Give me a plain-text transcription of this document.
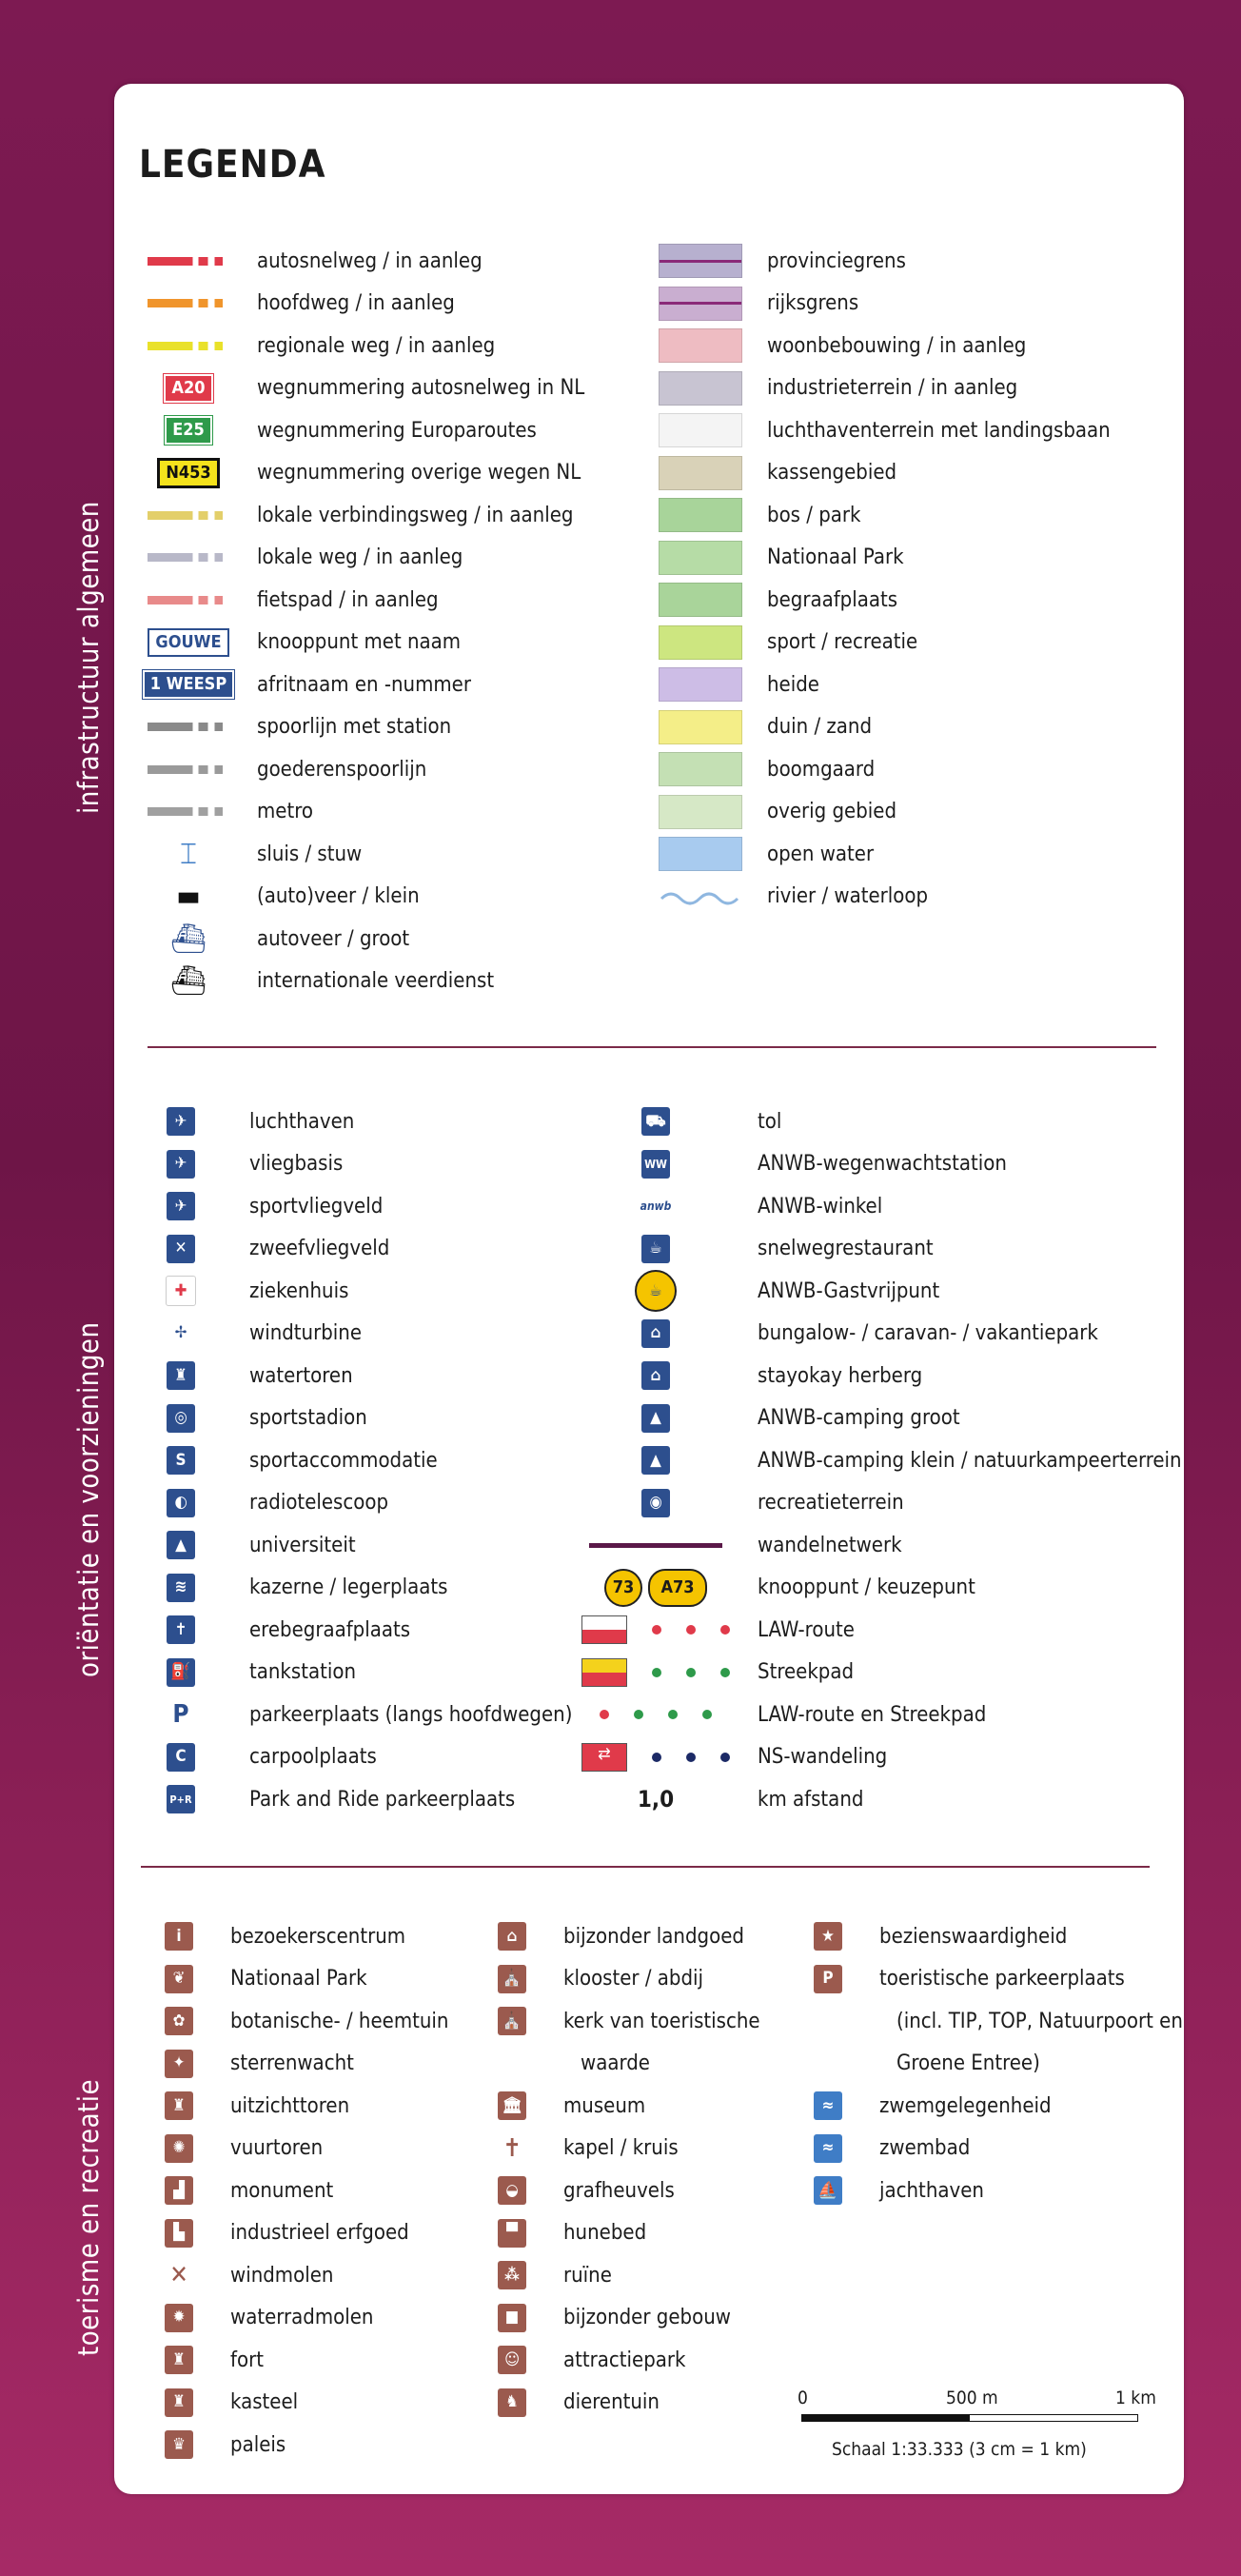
LEGENDA
infrastructuur algemeen
oriëntatie en voorzieningen
toerisme en recreatie
autosnelweg / in aanleg
hoofdweg / in aanleg
regionale weg / in aanleg
A20	wegnummering autosnelweg in NL
E25	wegnummering Europaroutes
N453	wegnummering overige wegen NL
lokale verbindingsweg / in aanleg
lokale weg / in aanleg
fietspad / in aanleg
GOUWE	knooppunt met naam
1 WEESP	afritnaam en -nummer
spoorlijn met station
goederenspoorlijn
metro
⌶	sluis / stuw
▬	(auto)veer / klein
⛴ autoveer / groot
⛴ internationale veerdienst
provinciegrens
rijksgrens
woonbebouwing / in aanleg
industrieterrein / in aanleg
luchthaventerrein met landingsbaan
kassengebied
bos / park
Nationaal Park
begraafplaats
sport / recreatie
heide
duin / zand
boomgaard
overig gebied
open water
rivier / waterloop
✈	luchthaven
✈	vliegbasis
✈	sportvliegveld
✕	zweefvliegveld
✚	ziekenhuis
✢	windturbine
♜	watertoren
◎	sportstadion
S	sportaccommodatie
◐	radiotelescoop
▲	universiteit
≋	kazerne / legerplaats
✝	erebegraafplaats
⛽	tankstation
P	parkeerplaats (langs hoofdwegen)
C	carpoolplaats
P+R	Park and Ride parkeerplaats
⛟	tol
WW	ANWB-wegenwachtstation
anwb	ANWB-winkel
☕	snelwegrestaurant
☕	ANWB-Gastvrijpunt
⌂	bungalow- / caravan- / vakantiepark
⌂	stayokay herberg
▲	ANWB-camping groot
▲	ANWB-camping klein / natuurkampeerterrein
◉	recreatieterrein
wandelnetwerk
73	A73	knooppunt / keuzepunt
LAW-route
Streekpad
LAW-route en Streekpad
⇄	NS-wandeling
1,0	km afstand
i	bezoekerscentrum
❦	Nationaal Park
✿	botanische- / heemtuin
✦	sterrenwacht
♜	uitzichttoren
✺	vuurtoren
▟	monument
▙	industrieel erfgoed
✕ windmolen
✹	waterradmolen
♜	fort
♜	kasteel
♛	paleis
⌂	bijzonder landgoed
⛪ klooster / abdij
⛪ kerk van toeristische
waarde
🏛 museum
✝ kapel / kruis
◒	grafheuvels
▀	hunebed
⁂	ruïne
■	bijzonder gebouw
☺	attractiepark
♞	dierentuin
★	bezienswaardigheid
P	toeristische parkeerplaats
(incl. TIP, TOP, Natuurpoort en
Groene Entree)
≈	zwemgelegenheid
≈	zwembad
⛵ jachthaven
0	500 m	1 km
Schaal 1:33.333 (3 cm = 1 km)
